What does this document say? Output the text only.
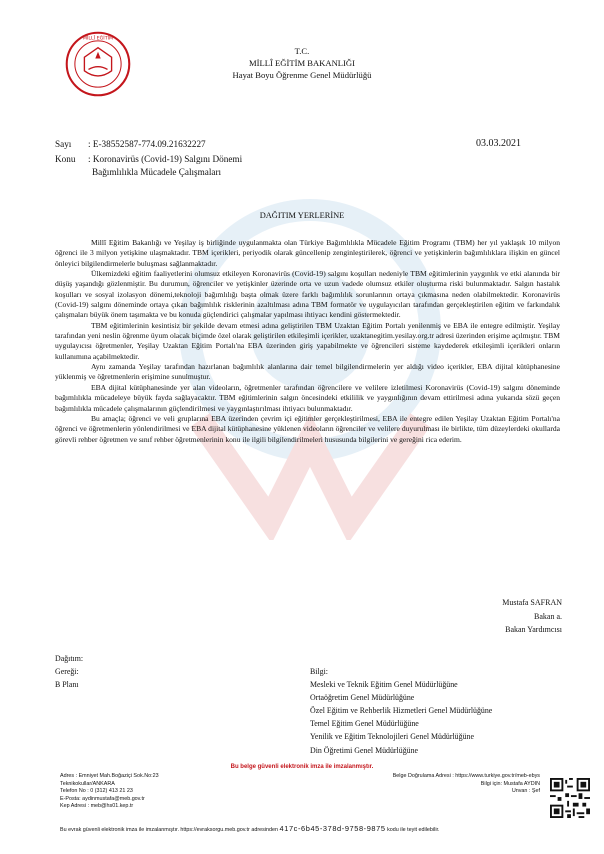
MİLLÎ EĞİTİM
T.C.
MİLLÎ EĞİTİM BAKANLIĞI
Hayat Boyu Öğrenme Genel Müdürlüğü
Sayı : E-38552587-774.09.21632227	03.03.2021
Konu : Koronavirüs (Covid-19) Salgını Dönemi
Bağımlılıkla Mücadele Çalışmaları
DAĞITIM YERLERİNE

Millî Eğitim Bakanlığı ve Yeşilay iş birliğinde uygulanmakta olan Türkiye Bağımlılıkla Mücadele Eğitim Programı (TBM) her yıl yaklaşık 10 milyon öğrenci ile 3 milyon yetişkine ulaşmaktadır. TBM içerikleri, periyodik olarak güncellenip zenginleştirilerek, öğrenci ve yetişkinlerin bağımlılıklara ilişkin en güncel önleyici bilgilendirmelerle buluşması sağlanmaktadır.

Ülkemizdeki eğitim faaliyetlerini olumsuz etkileyen Koronavirüs (Covid-19) salgını koşulları nedeniyle TBM eğitimlerinin yaygınlık ve etki alanında bir düşüş yaşandığı gözlenmiştir. Bu durumun, öğrenciler ve yetişkinler üzerinde orta ve uzun vadede olumsuz etkiler oluşturma riski bulunmaktadır. Salgın hastalık koşulları ve sosyal izolasyon dönemi,teknoloji bağımlılığı başta olmak üzere farklı bağımlılık sorunlarının ortaya çıkmasına neden olabilmektedir. Koronavirüs (Covid-19) salgını döneminde ortaya çıkan bağımlılık risklerinin azaltılması adına TBM formatör ve uygulayıcıları tarafından gerçekleştirilen eğitim ve farkındalık çalışmaları büyük önem taşımakta ve bu konuda güçlendirici çalışmalar yapılması ihtiyacı kendini göstermektedir.

TBM eğitimlerinin kesintisiz bir şekilde devam etmesi adına geliştirilen TBM Uzaktan Eğitim Portalı yenilenmiş ve EBA ile entegre edilmiştir. Yeşilay tarafından yeni neslin öğrenme üyum olacak biçimde özel olarak geliştirilen etkileşimli içerikler, uzaktanegitim.yesilay.org.tr adresi üzerinden erişime açılmıştır. TBM uygulayıcısı öğretmenler, Yeşilay Uzaktan Eğitim Portalı'na EBA üzerinden giriş yapabilmekte ve öğrencileri sisteme kaydederek etkileşimli içerikleri onların kullanımına açabilmektedir.

Aynı zamanda Yeşilay tarafından hazırlanan bağımlılık alanlarına dair temel bilgilendirmelerin yer aldığı video içerikler, EBA dijital kütüphanesine yüklenmiş ve öğretmenlerin erişimine sunulmuştur.

EBA dijital kütüphanesinde yer alan videoların, öğretmenler tarafından öğrencilere ve velilere izletilmesi Koronavirüs (Covid-19) salgını döneminde bağımlılıkla mücadeleye büyük fayda sağlayacaktır. TBM eğitimlerinin salgın öncesindeki etkililik ve yaygınlığının devam ettirilmesi adına yukarıda sözü geçen bağımlılıkla mücadele çalışmalarının güçlendirilmesi ve yaygınlaştırılması ihtiyacı bulunmaktadır.

Bu amaçla; öğrenci ve veli gruplarına EBA üzerinden çevrim içi eğitimler gerçekleştirilmesi, EBA ile entegre edilen Yeşilay Uzaktan Eğitim Portalı'na öğrenci ve öğretmenlerin yönlendirilmesi ve EBA dijital kütüphanesine yüklenen videoların öğrenciler ve velilere duyurulması ile birlikte, tüm düzeylerdeki okullarda görevli rehber öğretmen ve sınıf rehber öğretmenlerinin konu ile ilgili bilgilendirilmeleri hususunda bilgilerini ve gereğini rica ederim.

Mustafa SAFRAN
Bakan a.
Bakan Yardımcısı
Dağıtım:
Gereği:
B Planı
Bilgi:
Mesleki ve Teknik Eğitim Genel Müdürlüğüne
Ortaöğretim Genel Müdürlüğüne
Özel Eğitim ve Rehberlik Hizmetleri Genel Müdürlüğüne
Temel Eğitim Genel Müdürlüğüne
Yenilik ve Eğitim Teknolojileri Genel Müdürlüğüne
Din Öğretimi Genel Müdürlüğüne
Bu belge güvenli elektronik imza ile imzalanmıştır.
Adres : Emniyet Mah.Boğaziçi Sok.No:23
Teknikokullar/ANKARA
Telefon No : 0 (312) 413 21 23
E-Posta: aydinmustafa@meb.gov.tr
Kep Adresi : meb@hs01.kep.tr
Belge Doğrulama Adresi : https://www.turkiye.gov.tr/meb-ebys
Bilgi için: Mustafa AYDIN
Unvan : Şef
Bu evrak güvenli elektronik imza ile imzalanmıştır. https://evraksorgu.meb.gov.tr adresinden 417c-6b45-378d-9758-9875 kodu ile teyit edilebilir.
